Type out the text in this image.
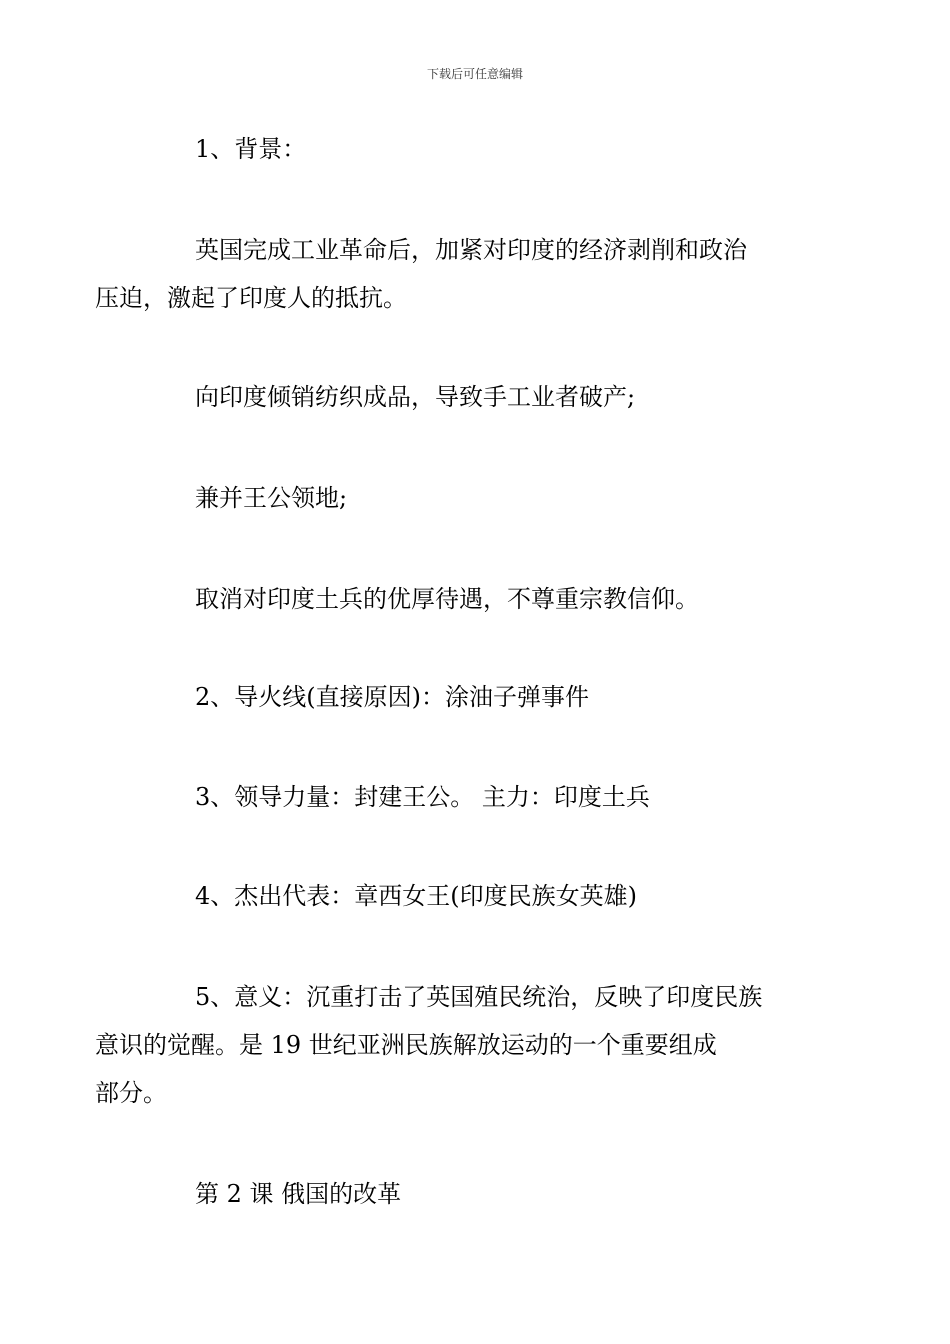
下载后可任意编辑

1、背景：

英国完成工业革命后，加紧对印度的经济剥削和政治
压迫，激起了印度人的抵抗。

向印度倾销纺织成品，导致手工业者破产;

兼并王公领地;

取消对印度土兵的优厚待遇，不尊重宗教信仰。

2、导火线(直接原因)：涂油子弹事件

3、领导力量：封建王公。 主力：印度土兵

4、杰出代表：章西女王(印度民族女英雄)

5、意义：沉重打击了英国殖民统治，反映了印度民族
意识的觉醒。是 19 世纪亚洲民族解放运动的一个重要组成
部分。

第 2 课 俄国的改革
